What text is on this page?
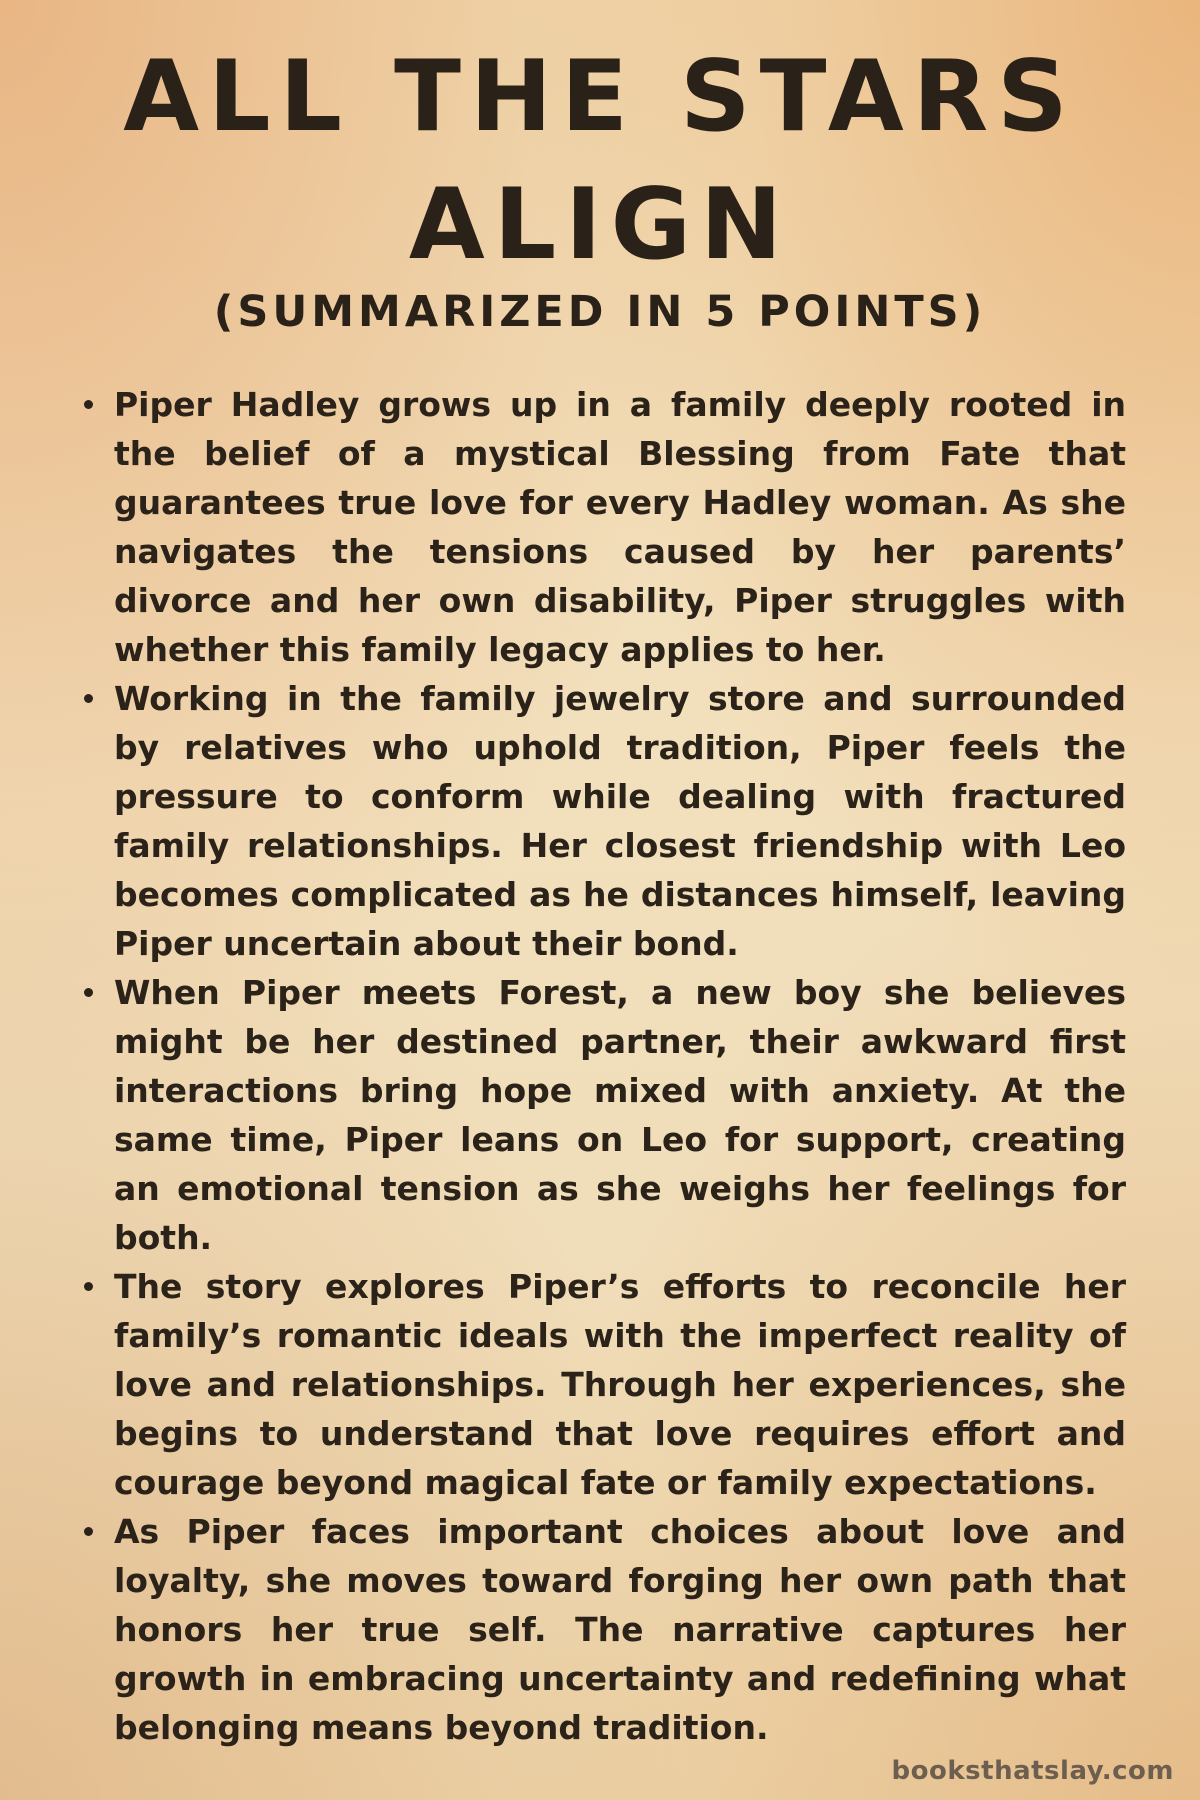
ALL THE STARS
ALIGN
(SUMMARIZED IN 5 POINTS)
Piper Hadley grows up in a family deeply rooted in the belief of a mystical Blessing from Fate that guarantees true love for every Hadley woman. As she navigates the tensions caused by her parents’ divorce and her own disability, Piper struggles with whether this family legacy applies to her.
Working in the family jewelry store and surrounded by relatives who uphold tradition, Piper feels the pressure to conform while dealing with fractured family relationships. Her closest friendship with Leo becomes complicated as he distances himself, leaving Piper uncertain about their bond.
When Piper meets Forest, a new boy she believes might be her destined partner, their awkward first interactions bring hope mixed with anxiety. At the same time, Piper leans on Leo for support, creating an emotional tension as she weighs her feelings for both.
The story explores Piper’s efforts to reconcile her family’s romantic ideals with the imperfect reality of love and relationships. Through her experiences, she begins to understand that love requires effort and courage beyond magical fate or family expectations.
As Piper faces important choices about love and loyalty, she moves toward forging her own path that honors her true self. The narrative captures her growth in embracing uncertainty and redefining what belonging means beyond tradition.
booksthatslay.com
